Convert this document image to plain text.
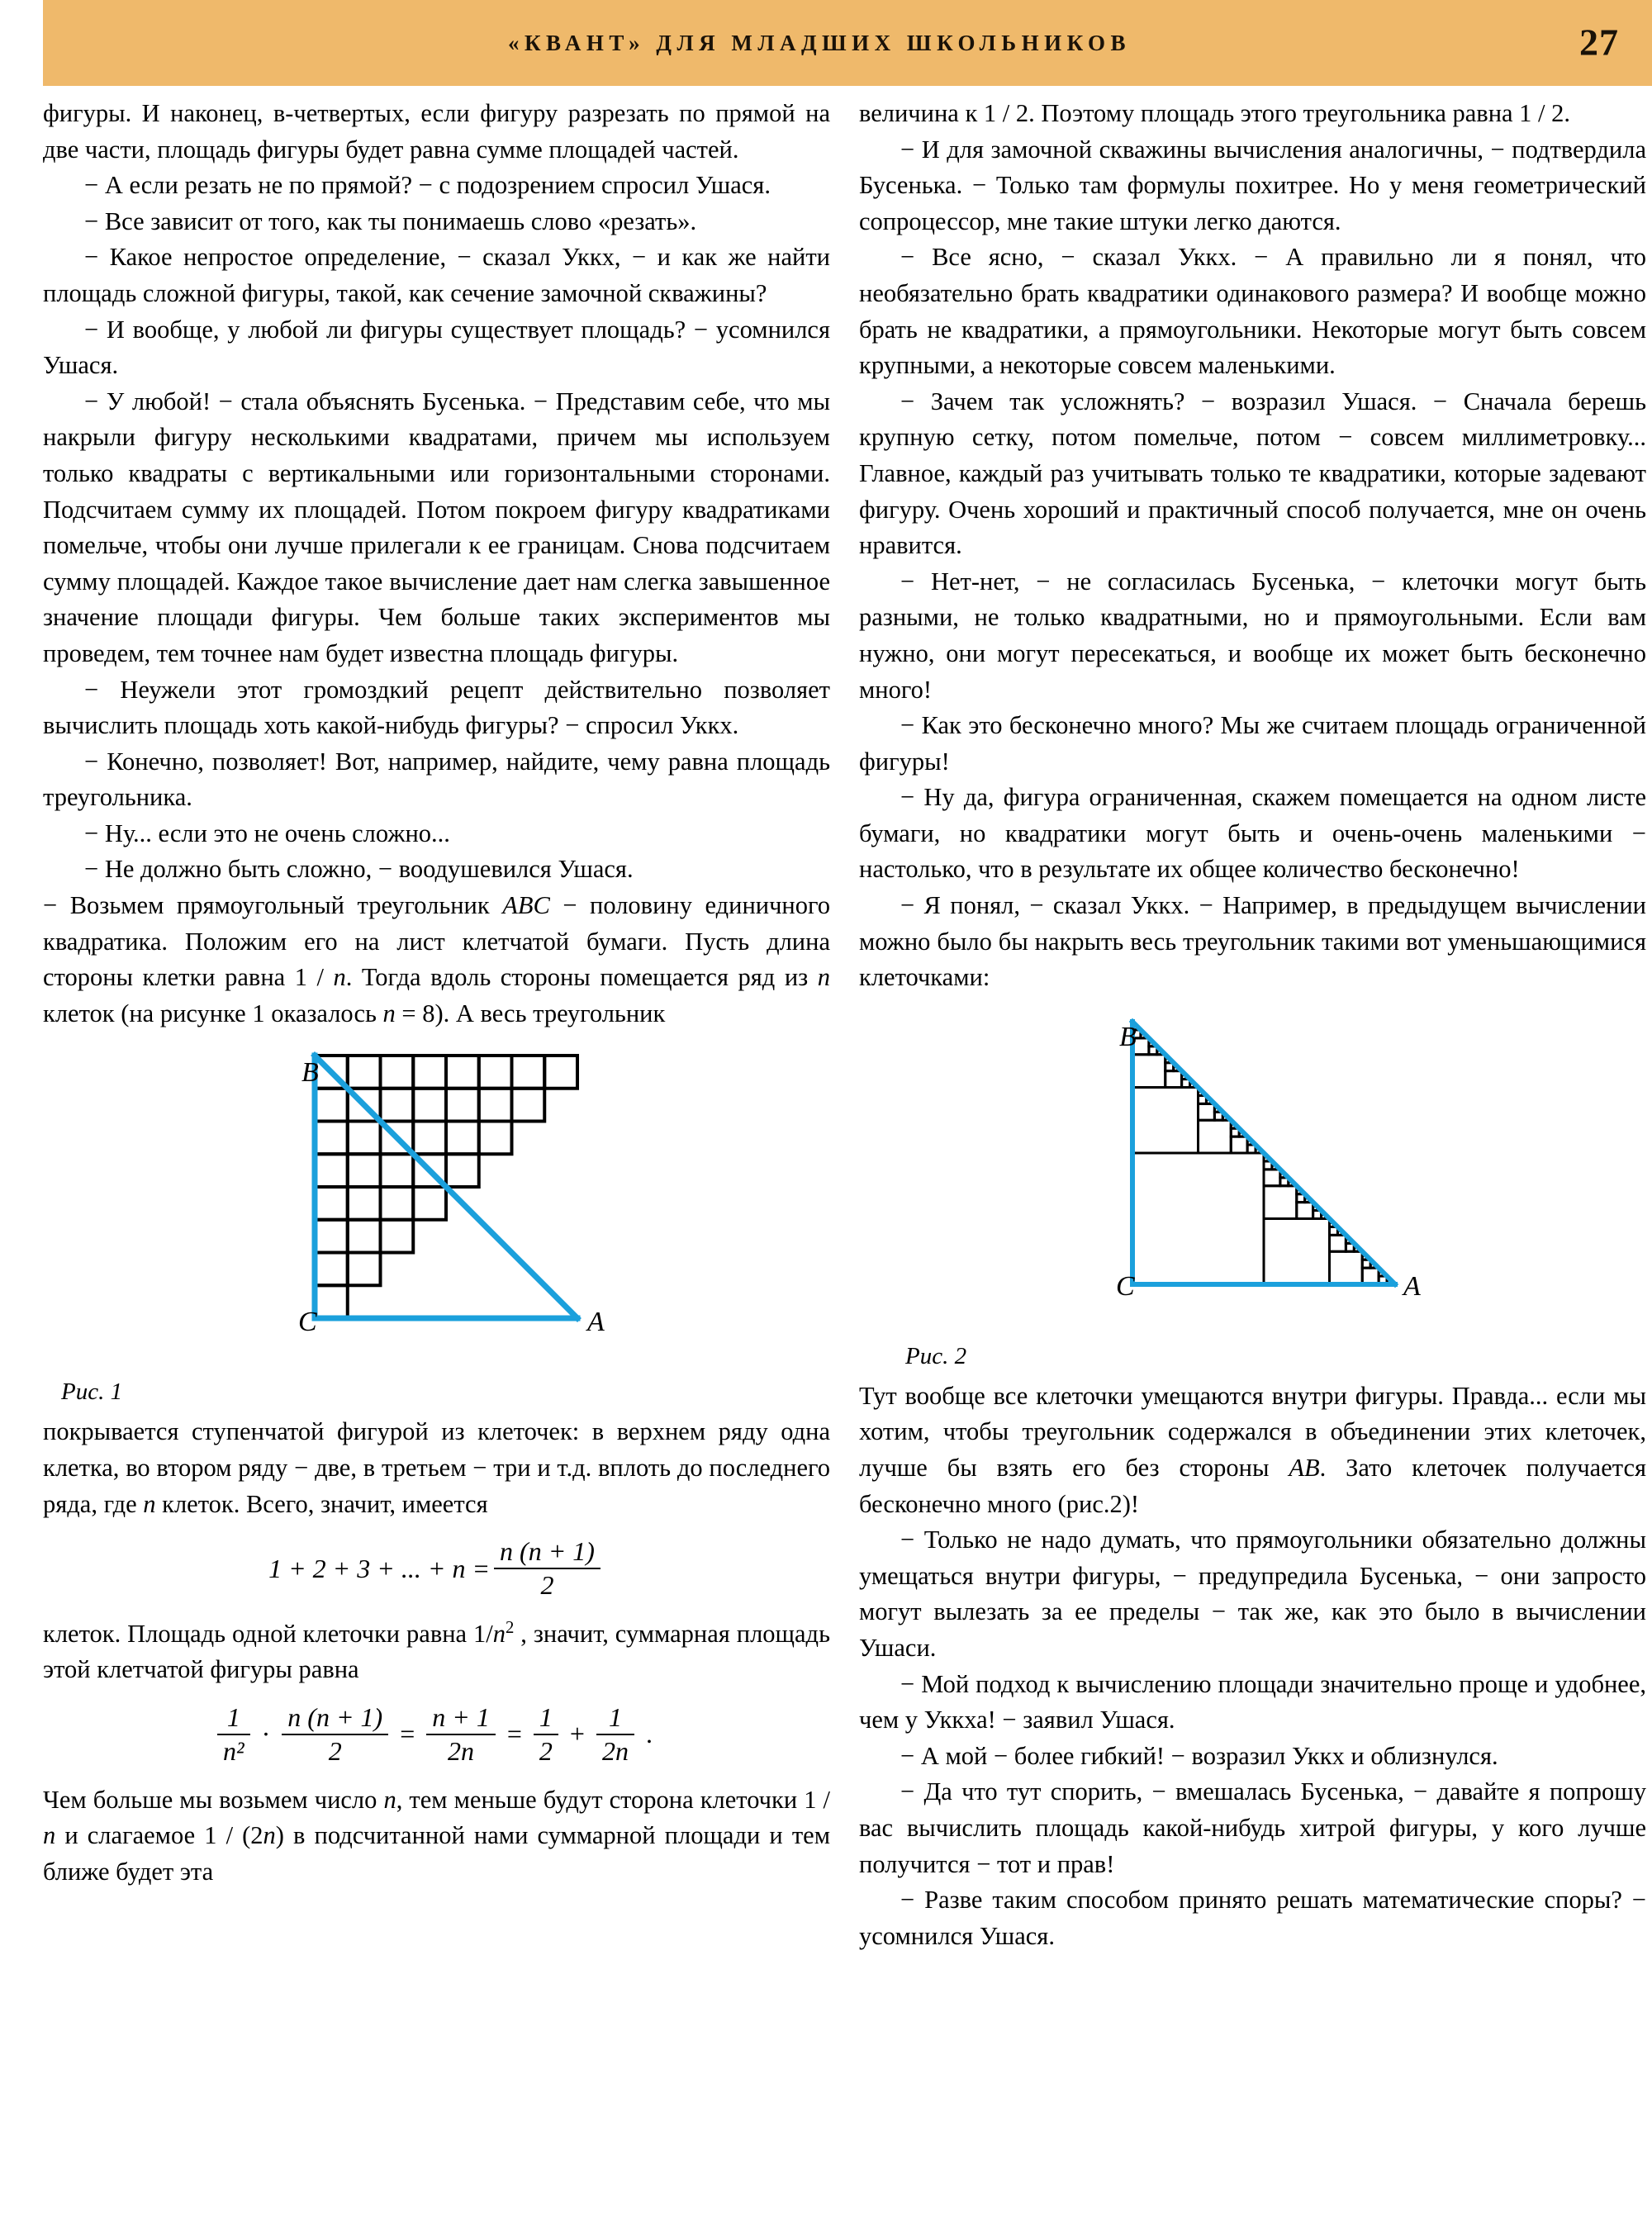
«КВАНТ» ДЛЯ МЛАДШИХ ШКОЛЬНИКОВ	27

фигуры. И наконец, в-четвертых, если фигуру разрезать по прямой на две части, площадь фигуры будет равна сумме площадей частей.

− А если резать не по прямой? − с подозрением спросил Ушася.

− Все зависит от того, как ты понимаешь слово «резать».

− Какое непростое определение, − сказал Уккх, − и как же найти площадь сложной фигуры, такой, как сечение замочной скважины?

− И вообще, у любой ли фигуры существует площадь? − усомнился Ушася.

− У любой! − стала объяснять Бусенька. − Представим себе, что мы накрыли фигуру несколькими квадратами, причем мы используем только квадраты с вертикальными или горизонтальными сторонами. Подсчитаем сумму их площадей. Потом покроем фигуру квадратиками помельче, чтобы они лучше прилегали к ее границам. Снова подсчитаем сумму площадей. Каждое такое вычисление дает нам слегка завышенное значение площади фигуры. Чем больше таких экспериментов мы проведем, тем точнее нам будет известна площадь фигуры.

− Неужели этот громоздкий рецепт действительно позволяет вычислить площадь хоть какой-нибудь фигуры? − спросил Уккх.

− Конечно, позволяет! Вот, например, найдите, чему равна площадь треугольника.

− Ну... если это не очень сложно...

− Не должно быть сложно, − воодушевился Ушася.

− Возьмем прямоугольный треугольник ABC − половину единичного квадратика. Положим его на лист клетчатой бумаги. Пусть длина стороны клетки равна 1 / n. Тогда вдоль стороны помещается ряд из n клеток (на рисунке 1 оказалось n = 8). А весь треугольник

B
C	A
Рис. 1

покрывается ступенчатой фигурой из клеточек: в верхнем ряду одна клетка, во втором ряду − две, в третьем − три и т.д. вплоть до последнего ряда, где n клеток. Всего, значит, имеется

1 + 2 + 3 + ... + $n = \frac{n (n + 1)}{2}$

клеток. Площадь одной клеточки равна $1/n^2$ , значит, суммарная площадь этой клетчатой фигуры равна

$\frac{1}{\text{n²}} \cdot \frac{n (n + 1)}{2} = \frac{n + 1}{2n} = \frac{1}{2} + \frac{1}{2n}$ .

Чем больше мы возьмем число n, тем меньше будут сторона клеточки 1 / n и слагаемое 1 / (2n) в подсчитанной нами суммарной площади и тем ближе будет эта

величина к 1 / 2. Поэтому площадь этого треугольника равна 1 / 2.

− И для замочной скважины вычисления аналогичны, − подтвердила Бусенька. − Только там формулы похитрее. Но у меня геометрический сопроцессор, мне такие штуки легко даются.

− Все ясно, − сказал Уккх. − А правильно ли я понял, что необязательно брать квадратики одинакового размера? И вообще можно брать не квадратики, а прямоугольники. Некоторые могут быть совсем крупными, а некоторые совсем маленькими.

− Зачем так усложнять? − возразил Ушася. − Сначала берешь крупную сетку, потом помельче, потом − совсем миллиметровку... Главное, каждый раз учитывать только те квадратики, которые задевают фигуру. Очень хороший и практичный способ получается, мне он очень нравится.

− Нет-нет, − не согласилась Бусенька, − клеточки могут быть разными, не только квадратными, но и прямоугольными. Если вам нужно, они могут пересекаться, и вообще их может быть бесконечно много!

− Как это бесконечно много? Мы же считаем площадь ограниченной фигуры!

− Ну да, фигура ограниченная, скажем помещается на одном листе бумаги, но квадратики могут быть и очень-очень маленькими − настолько, что в результате их общее количество бесконечно!

− Я понял, − сказал Уккх. − Например, в предыдущем вычислении можно было бы накрыть весь треугольник такими вот уменьшающимися клеточками:

B
C	A
Рис. 2

Тут вообще все клеточки умещаются внутри фигуры. Правда... если мы хотим, чтобы треугольник содержался в объединении этих клеточек, лучше бы взять его без стороны AB. Зато клеточек получается бесконечно много (рис.2)!

− Только не надо думать, что прямоугольники обязательно должны умещаться внутри фигуры, − предупредила Бусенька, − они запросто могут вылезать за ее пределы − так же, как это было в вычислении Ушаси.

− Мой подход к вычислению площади значительно проще и удобнее, чем у Уккха! − заявил Ушася.

− А мой − более гибкий! − возразил Уккх и облизнулся.

− Да что тут спорить, − вмешалась Бусенька, − давайте я попрошу вас вычислить площадь какой-нибудь хитрой фигуры, у кого лучше получится − тот и прав!

− Разве таким способом принято решать математические споры? − усомнился Ушася.
